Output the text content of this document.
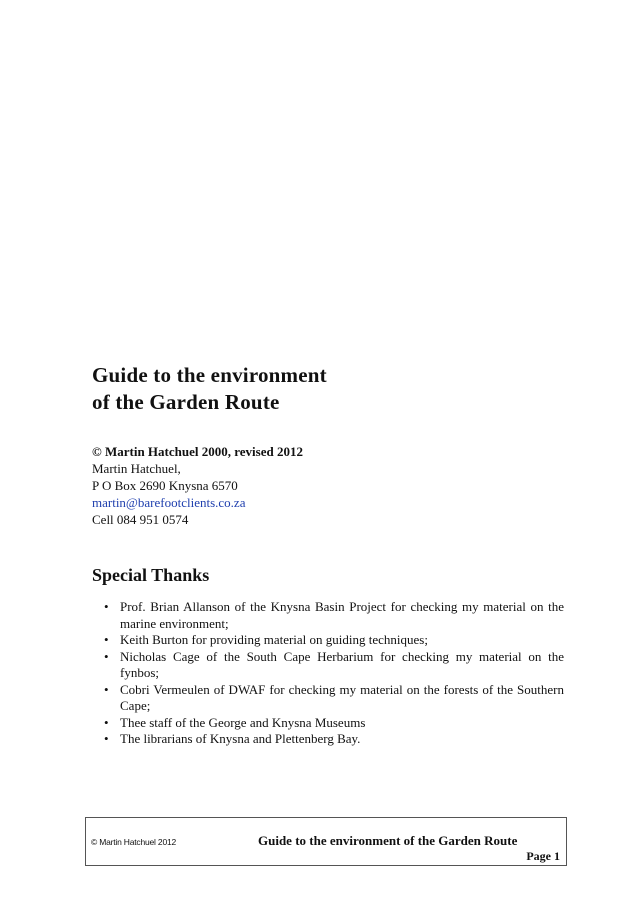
Guide to the environment
of the Garden Route
© Martin Hatchuel 2000, revised 2012
Martin Hatchuel,
P O Box 2690 Knysna 6570
martin@barefootclients.co.za
Cell 084 951 0574
Special Thanks
• Prof. Brian Allanson of the Knysna Basin Project for checking my material on the marine environment;
• Keith Burton for providing material on guiding techniques;
• Nicholas Cage of the South Cape Herbarium for checking my material on the fynbos;
• Cobri Vermeulen of DWAF for checking my material on the forests of the Southern Cape;
• Thee staff of the George and Knysna Museums
• The librarians of Knysna and Plettenberg Bay.
© Martin Hatchuel 2012	Guide to the environment of the Garden Route
Page 1
